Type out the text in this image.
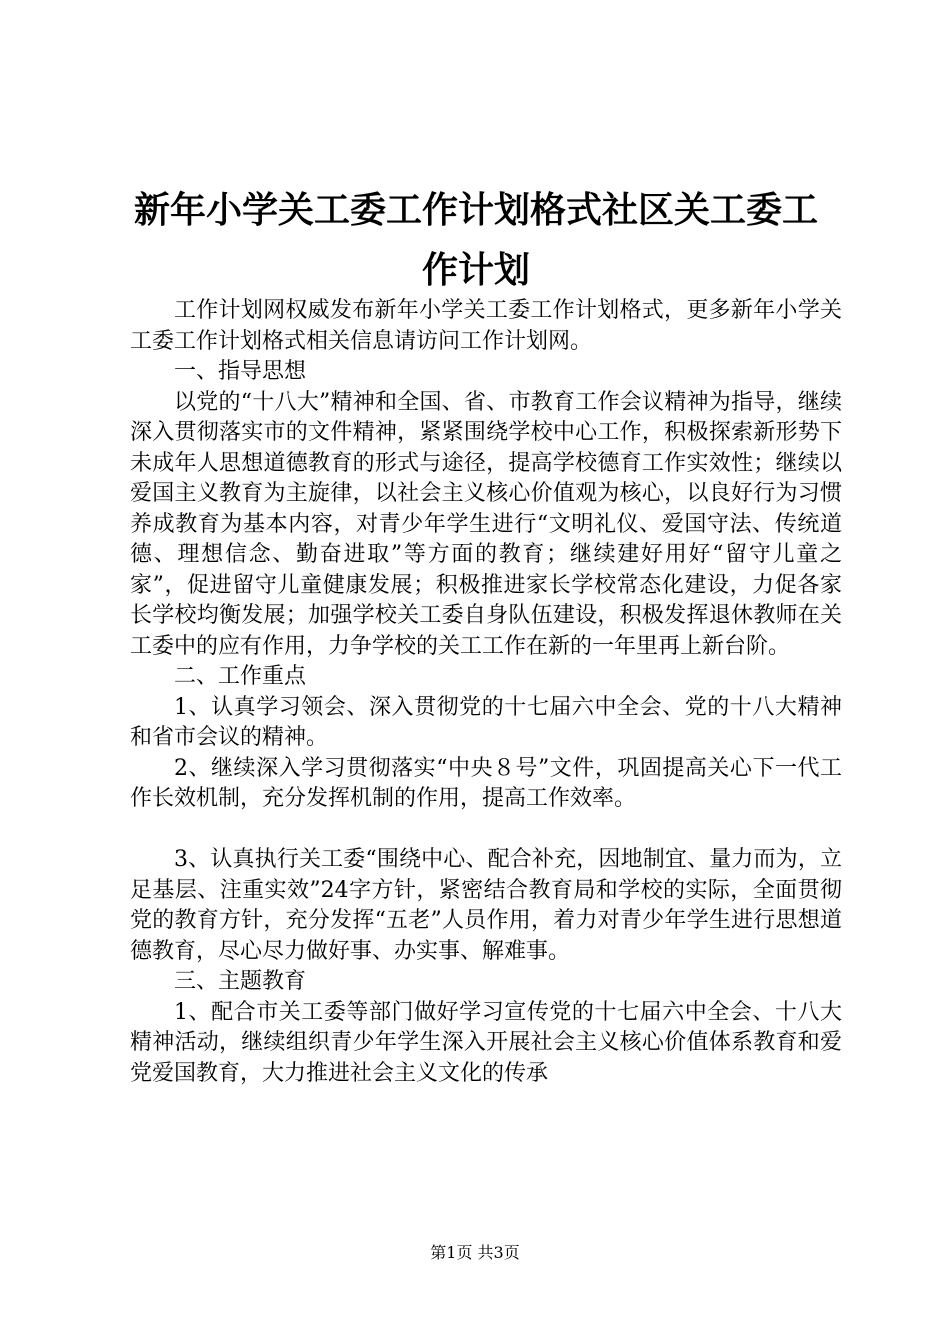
新年小学关工委工作计划格式社区关工委工作计划

工作计划网权威发布新年小学关工委工作计划格式，更多新年小学关工委工作计划格式相关信息请访问工作计划网。

一、指导思想

以党的“十八大”精神和全国、省、市教育工作会议精神为指导，继续深入贯彻落实市的文件精神，紧紧围绕学校中心工作，积极探索新形势下未成年人思想道德教育的形式与途径，提高学校德育工作实效性；继续以爱国主义教育为主旋律，以社会主义核心价值观为核心，以良好行为习惯养成教育为基本内容，对青少年学生进行“文明礼仪、爱国守法、传统道德、理想信念、勤奋进取”等方面的教育；继续建好用好“留守儿童之家”，促进留守儿童健康发展；积极推进家长学校常态化建设，力促各家长学校均衡发展；加强学校关工委自身队伍建设，积极发挥退休教师在关工委中的应有作用，力争学校的关工工作在新的一年里再上新台阶。

二、工作重点

1、认真学习领会、深入贯彻党的十七届六中全会、党的十八大精神和省市会议的精神。

2、继续深入学习贯彻落实“中央８号”文件，巩固提高关心下一代工作长效机制，充分发挥机制的作用，提高工作效率。

3、认真执行关工委“围绕中心、配合补充，因地制宜、量力而为，立足基层、注重实效”24字方针，紧密结合教育局和学校的实际，全面贯彻党的教育方针，充分发挥“五老”人员作用，着力对青少年学生进行思想道德教育，尽心尽力做好事、办实事、解难事。

三、主题教育

1、配合市关工委等部门做好学习宣传党的十七届六中全会、十八大精神活动，继续组织青少年学生深入开展社会主义核心价值体系教育和爱党爱国教育，大力推进社会主义文化的传承

第1页 共3页
